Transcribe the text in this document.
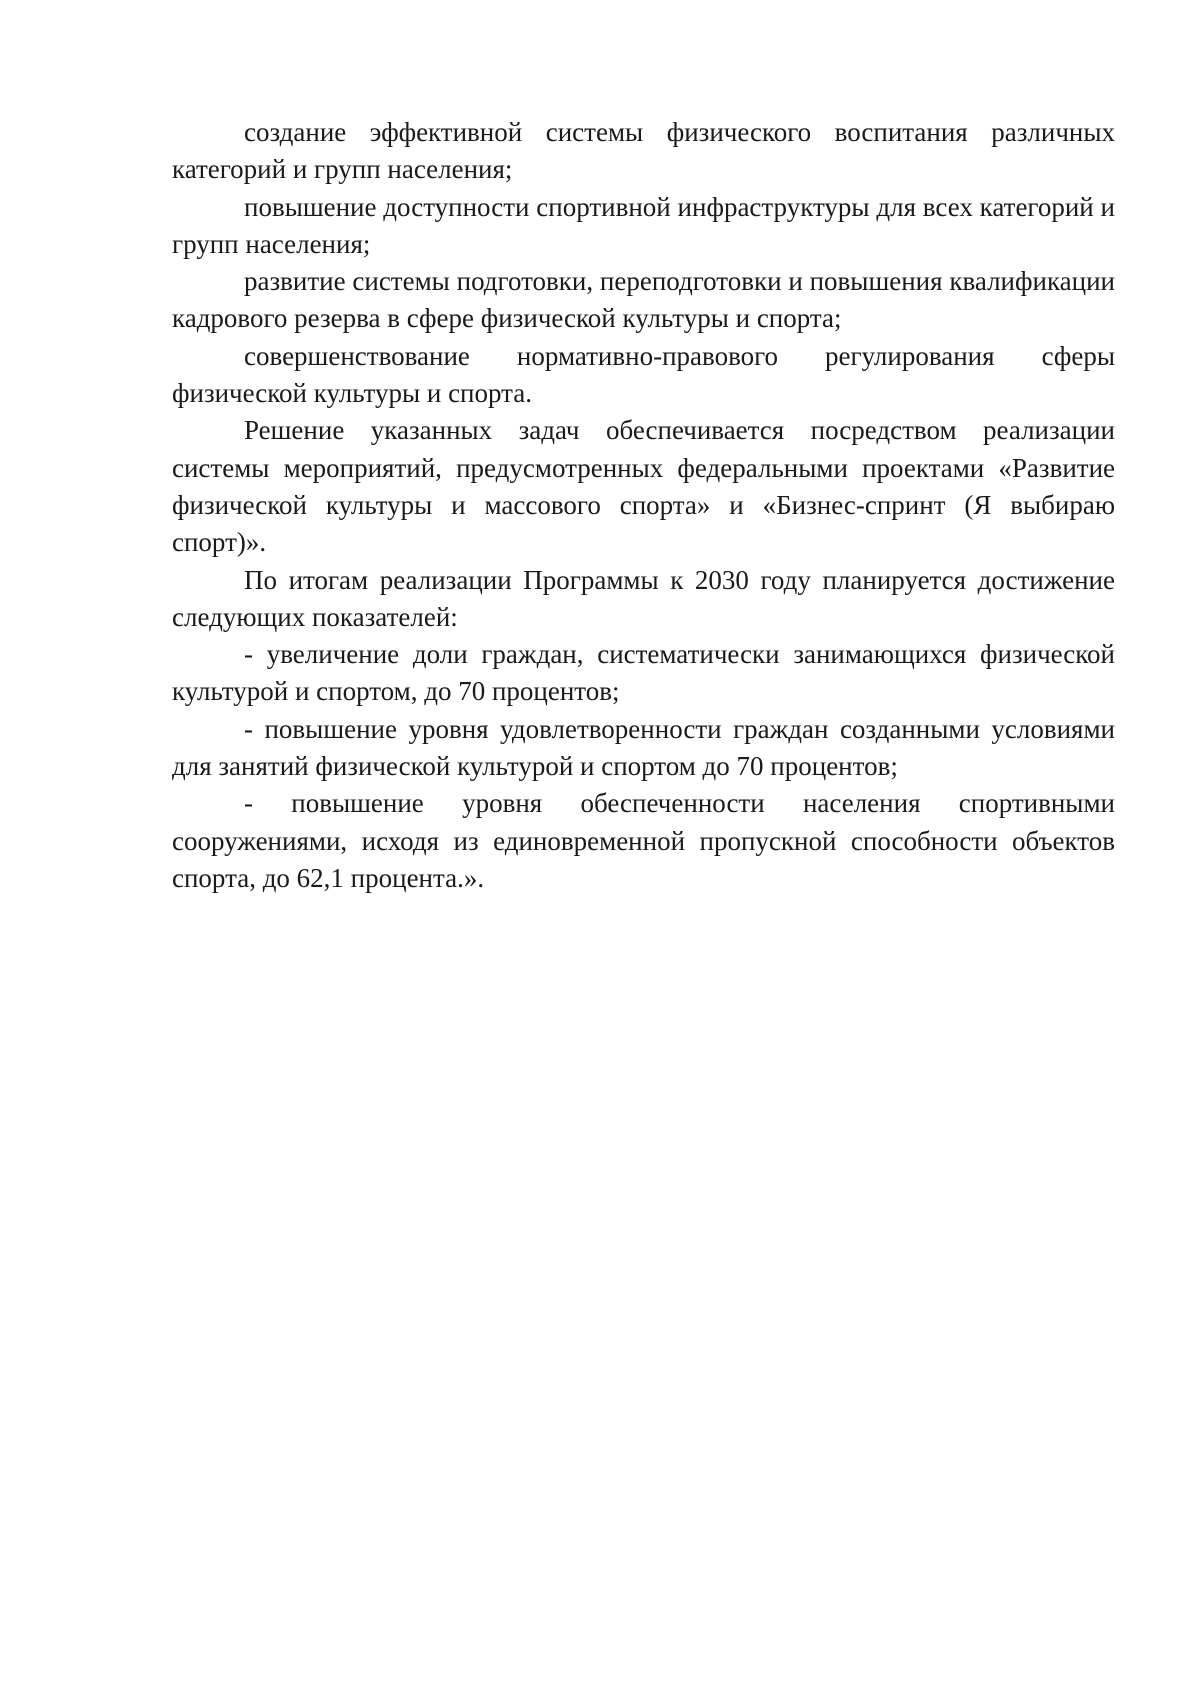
создание эффективной системы физического воспитания различных категорий и групп населения;

повышение доступности спортивной инфраструктуры для всех категорий и групп населения;

развитие системы подготовки, переподготовки и повышения квалификации кадрового резерва в сфере физической культуры и спорта;

совершенствование нормативно-правового регулирования сферы физической культуры и спорта.

Решение указанных задач обеспечивается посредством реализации системы мероприятий, предусмотренных федеральными проектами «Развитие физической культуры и массового спорта» и «Бизнес-спринт (Я выбираю спорт)».

По итогам реализации Программы к 2030 году планируется достижение следующих показателей:

- увеличение доли граждан, систематически занимающихся физической культурой и спортом, до 70 процентов;

- повышение уровня удовлетворенности граждан созданными условиями для занятий физической культурой и спортом до 70 процентов;

- повышение уровня обеспеченности населения спортивными сооружениями, исходя из единовременной пропускной способности объектов спорта, до 62,1 процента.».
